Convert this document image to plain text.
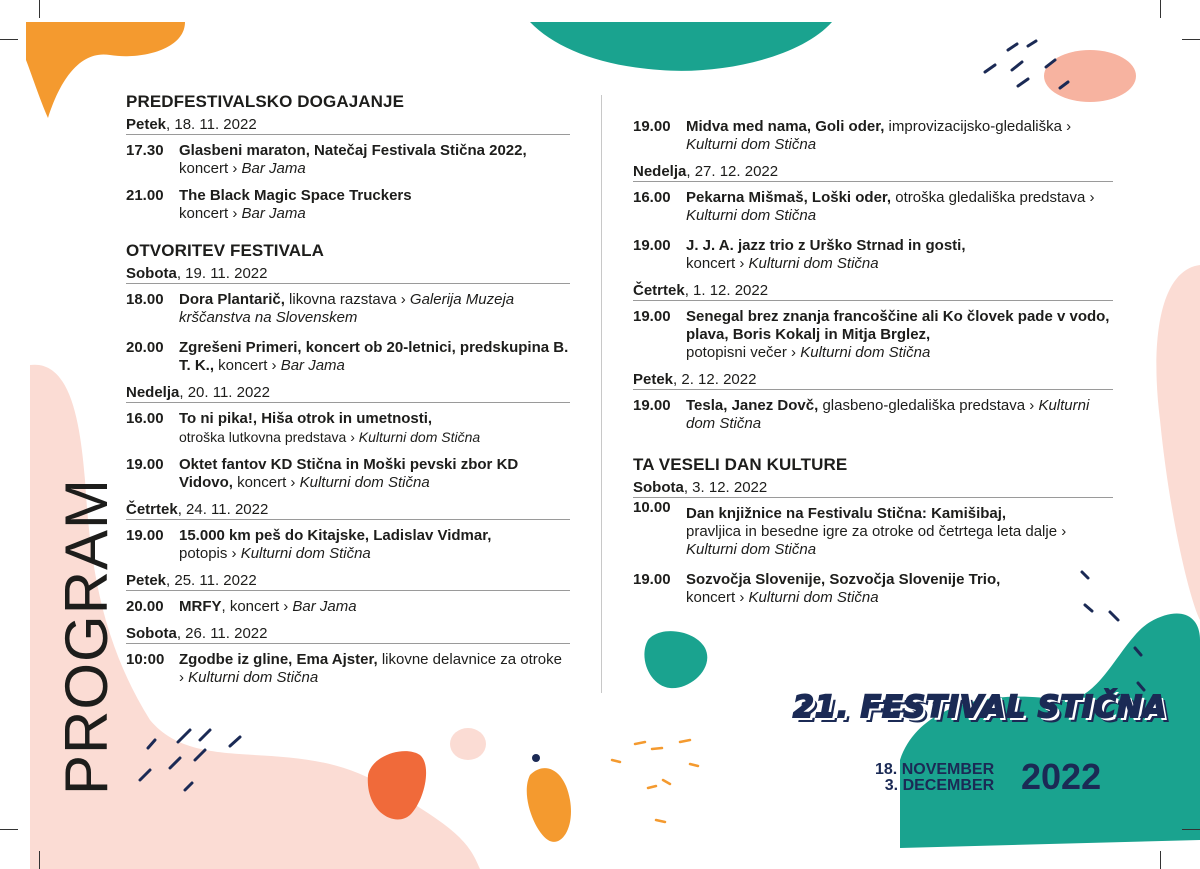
PROGRAM
PREDFESTIVALSKO DOGAJANJE
Petek, 18. 11. 2022
17.30	Glasbeni maraton, Natečaj Festivala Stična 2022, koncert › Bar Jama
21.00	The Black Magic Space Truckers
koncert › Bar Jama
OTVORITEV FESTIVALA
Sobota, 19. 11. 2022
18.00	Dora Plantarič, likovna razstava › Galerija Muzeja krščanstva na Slovenskem
20.00	Zgrešeni Primeri, koncert ob 20-letnici, predskupina B. T. K., koncert › Bar Jama
Nedelja, 20. 11. 2022
16.00	To ni pika!, Hiša otrok in umetnosti,
otroška lutkovna predstava › Kulturni dom Stična
19.00	Oktet fantov KD Stična in Moški pevski zbor KD Vidovo, koncert › Kulturni dom Stična
Četrtek, 24. 11. 2022
19.00	15.000 km peš do Kitajske, Ladislav Vidmar,
potopis › Kulturni dom Stična
Petek, 25. 11. 2022
20.00	MRFY, koncert › Bar Jama
Sobota, 26. 11. 2022
10:00 Zgodbe iz gline, Ema Ajster, likovne delavnice za otroke › Kulturni dom Stična
19.00	Midva med nama, Goli oder, improvizacijsko-gledališka › Kulturni dom Stična
Nedelja, 27. 12. 2022
16.00	Pekarna Mišmaš, Loški oder, otroška gledališka predstava › Kulturni dom Stična
19.00	J. J. A. jazz trio z Urško Strnad in gosti,
koncert › Kulturni dom Stična
Četrtek, 1. 12. 2022
19.00	Senegal brez znanja francoščine ali Ko človek pade v vodo, plava, Boris Kokalj in Mitja Brglez,
potopisni večer › Kulturni dom Stična
Petek, 2. 12. 2022
19.00	Tesla, Janez Dovč, glasbeno-gledališka predstava › Kulturni dom Stična
TA VESELI DAN KULTURE
Sobota, 3. 12. 2022
10.00	Dan knjižnice na Festivalu Stična: Kamišibaj,
pravljica in besedne igre za otroke od četrtega leta dalje › Kulturni dom Stična
19.00	Sozvočja Slovenije, Sozvočja Slovenije Trio,
koncert › Kulturni dom Stična
21. FESTIVAL STIČNA
18. NOVEMBER
3. DECEMBER 2022
